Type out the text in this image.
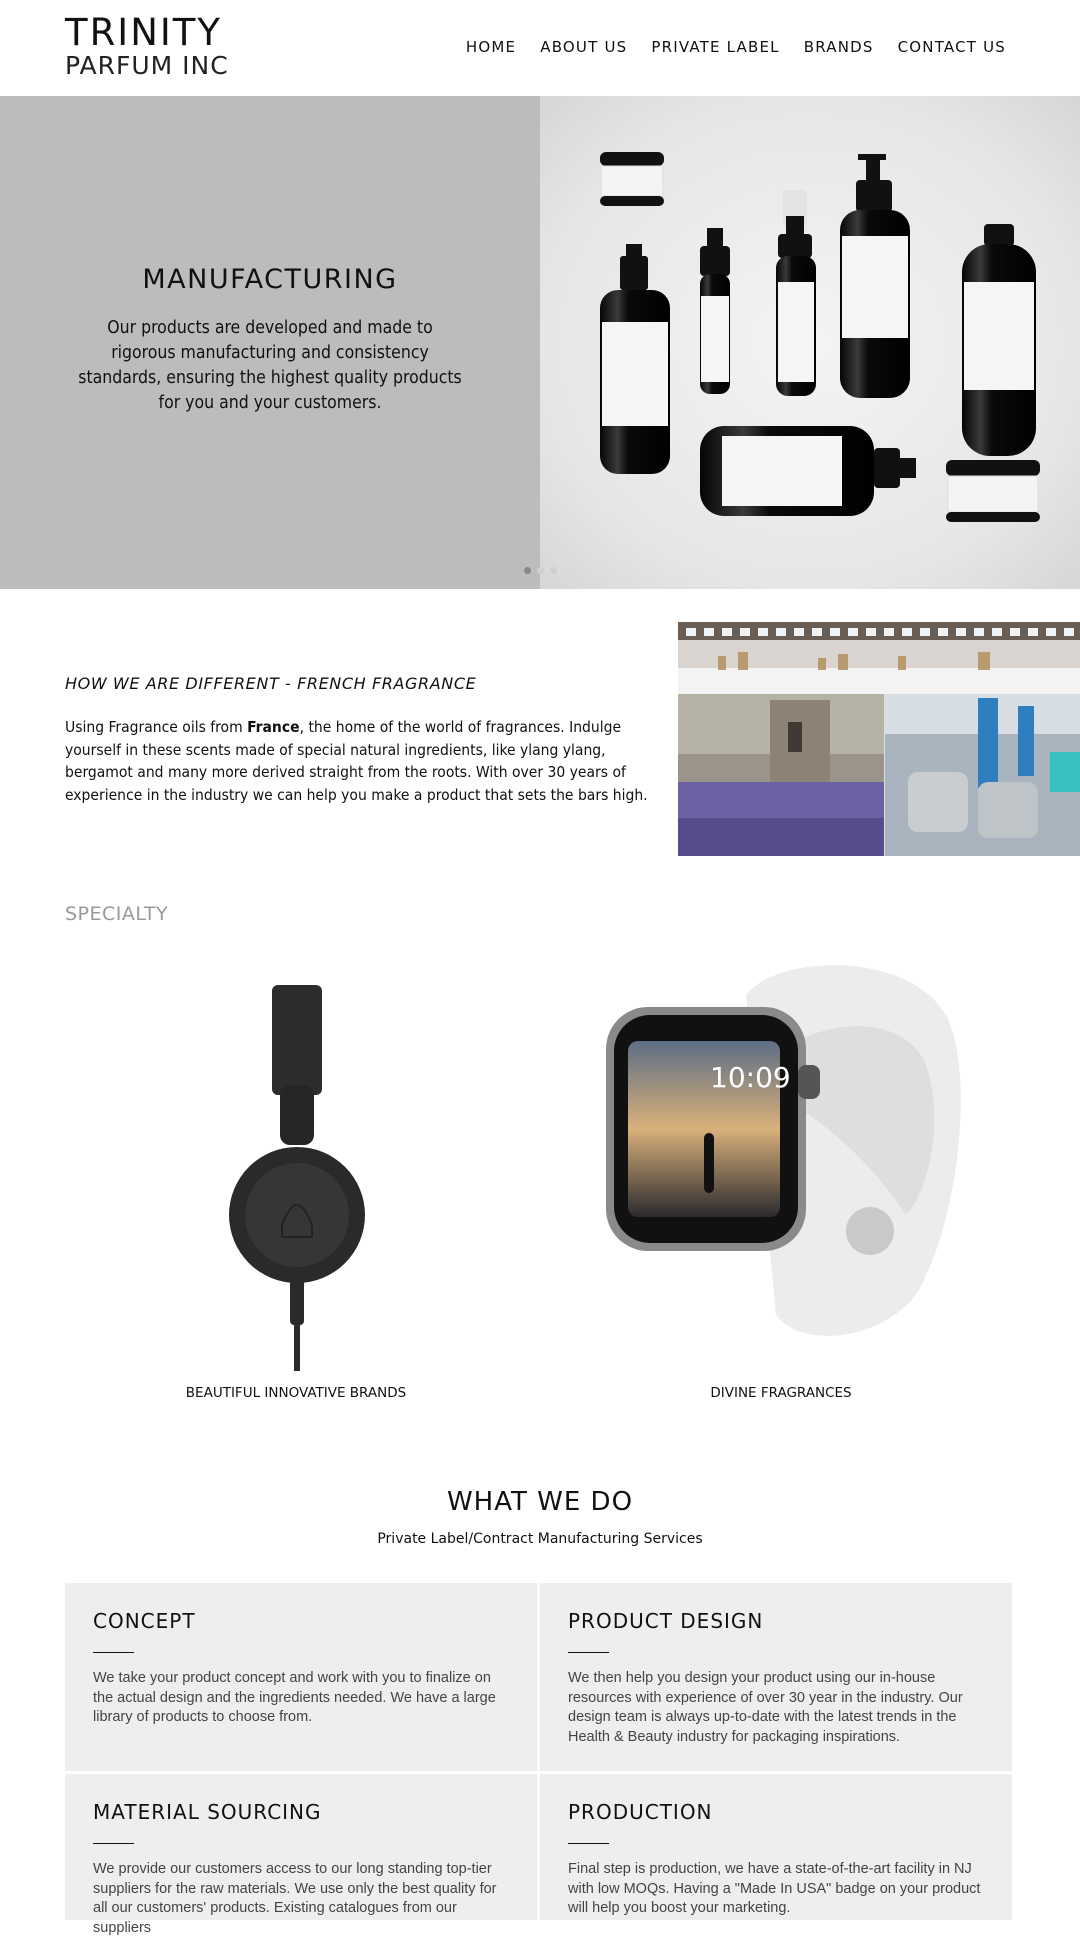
TRINITY
PARFUM INC
HOME ABOUT US PRIVATE LABEL BRANDS CONTACT US
MANUFACTURING
Our products are developed and made to rigorous manufacturing and consistency standards, ensuring the highest quality products for you and your customers.
HOW WE ARE DIFFERENT - FRENCH FRAGRANCE
Using Fragrance oils from France, the home of the world of fragrances. Indulge yourself in these scents made of special natural ingredients, like ylang ylang, bergamot and many more derived straight from the roots. With over 30 years of experience in the industry we can help you make a product that sets the bars high.
SPECIALTY
BEAUTIFUL INNOVATIVE BRANDS
10:09
DIVINE FRAGRANCES
WHAT WE DO
Private Label/Contract Manufacturing Services
CONCEPT
We take your product concept and work with you to finalize on the actual design and the ingredients needed. We have a large library of products to choose from.
PRODUCT DESIGN
We then help you design your product using our in-house resources with experience of over 30 year in the industry. Our design team is always up-to-date with the latest trends in the Health & Beauty industry for packaging inspirations.
MATERIAL SOURCING
We provide our customers access to our long standing top-tier suppliers for the raw materials. We use only the best quality for all our customers' products. Existing catalogues from our suppliers
PRODUCTION
Final step is production, we have a state-of-the-art facility in NJ with low MOQs. Having a "Made In USA" badge on your product will help you boost your marketing.
